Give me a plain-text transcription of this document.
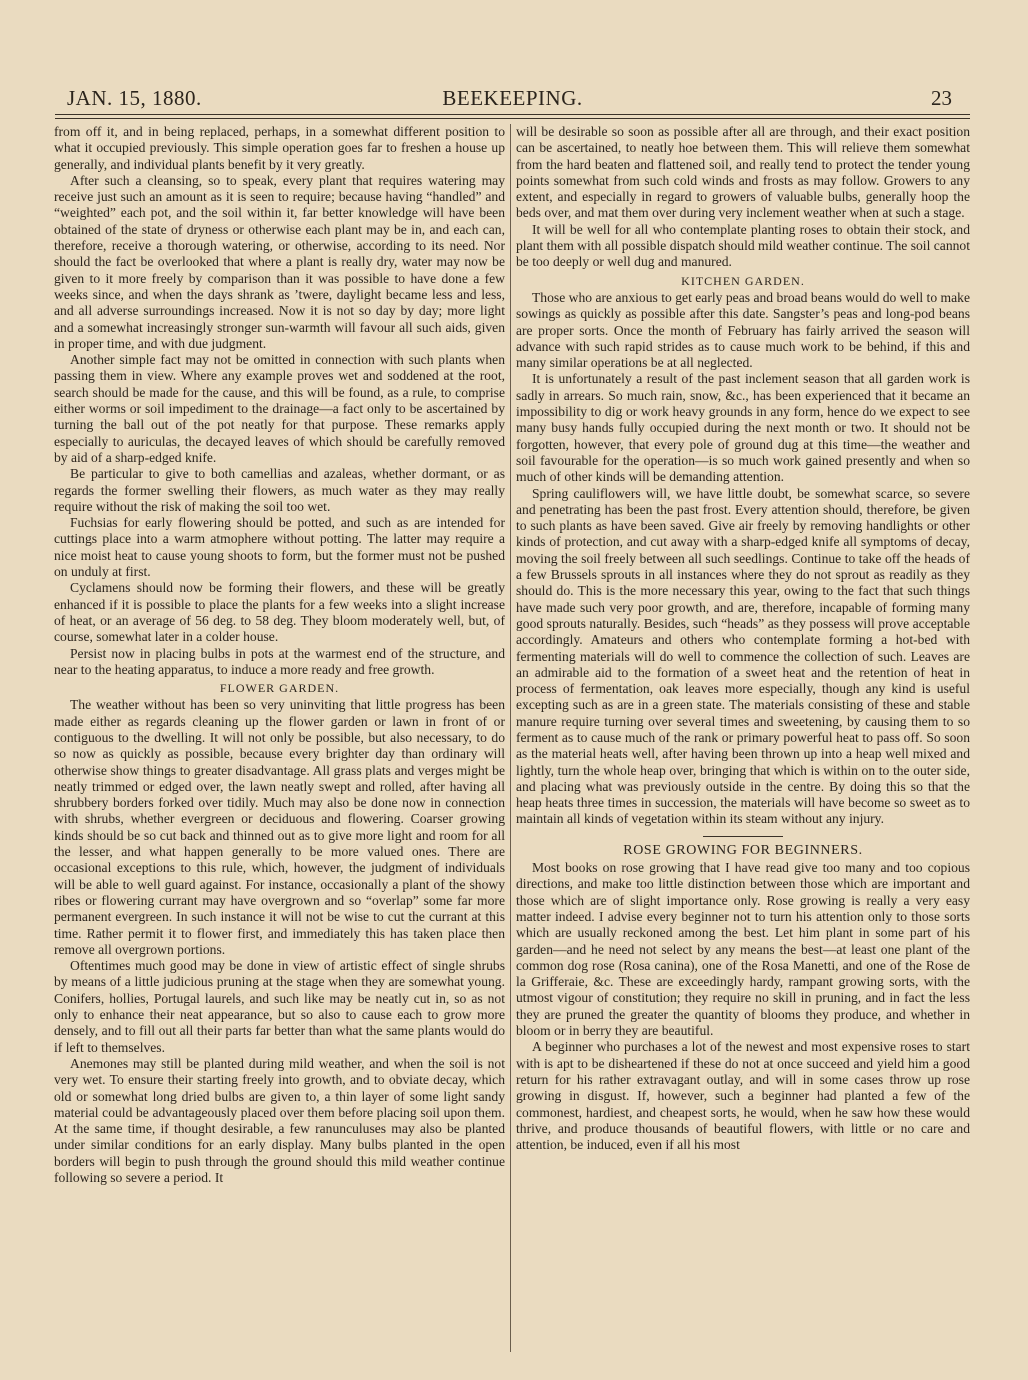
JAN. 15, 1880.	BEEKEEPING.	23

from off it, and in being replaced, perhaps, in a somewhat different position to what it occupied previously. This simple operation goes far to freshen a house up generally, and individual plants benefit by it very greatly.

After such a cleansing, so to speak, every plant that requires watering may receive just such an amount as it is seen to require; because having “handled” and “weighted” each pot, and the soil within it, far better knowledge will have been obtained of the state of dryness or otherwise each plant may be in, and each can, therefore, receive a thorough watering, or otherwise, according to its need. Nor should the fact be overlooked that where a plant is really dry, water may now be given to it more freely by comparison than it was possible to have done a few weeks since, and when the days shrank as ’twere, daylight became less and less, and all adverse surroundings increased. Now it is not so day by day; more light and a somewhat increasingly stronger sun-warmth will favour all such aids, given in proper time, and with due judgment.

Another simple fact may not be omitted in connection with such plants when passing them in view. Where any example proves wet and soddened at the root, search should be made for the cause, and this will be found, as a rule, to comprise either worms or soil impediment to the drainage—a fact only to be ascertained by turning the ball out of the pot neatly for that purpose. These remarks apply especially to auriculas, the decayed leaves of which should be carefully removed by aid of a sharp-edged knife.

Be particular to give to both camellias and azaleas, whether dormant, or as regards the former swelling their flowers, as much water as they may really require without the risk of making the soil too wet.

Fuchsias for early flowering should be potted, and such as are intended for cuttings place into a warm atmophere without potting. The latter may require a nice moist heat to cause young shoots to form, but the former must not be pushed on unduly at first.

Cyclamens should now be forming their flowers, and these will be greatly enhanced if it is possible to place the plants for a few weeks into a slight increase of heat, or an average of 56 deg. to 58 deg. They bloom moderately well, but, of course, somewhat later in a colder house.

Persist now in placing bulbs in pots at the warmest end of the structure, and near to the heating apparatus, to induce a more ready and free growth.

FLOWER GARDEN.

The weather without has been so very uninviting that little progress has been made either as regards cleaning up the flower garden or lawn in front of or contiguous to the dwelling. It will not only be possible, but also necessary, to do so now as quickly as possible, because every brighter day than ordinary will otherwise show things to greater disadvantage. All grass plats and verges might be neatly trimmed or edged over, the lawn neatly swept and rolled, after having all shrubbery borders forked over tidily. Much may also be done now in connection with shrubs, whether evergreen or deciduous and flowering. Coarser growing kinds should be so cut back and thinned out as to give more light and room for all the lesser, and what happen generally to be more valued ones. There are occasional exceptions to this rule, which, however, the judgment of individuals will be able to well guard against. For instance, occasionally a plant of the showy ribes or flowering currant may have overgrown and so “overlap” some far more permanent evergreen. In such instance it will not be wise to cut the currant at this time. Rather permit it to flower first, and immediately this has taken place then remove all overgrown portions.

Oftentimes much good may be done in view of artistic effect of single shrubs by means of a little judicious pruning at the stage when they are somewhat young. Conifers, hollies, Portugal laurels, and such like may be neatly cut in, so as not only to enhance their neat appearance, but so also to cause each to grow more densely, and to fill out all their parts far better than what the same plants would do if left to themselves.

Anemones may still be planted during mild weather, and when the soil is not very wet. To ensure their starting freely into growth, and to obviate decay, which old or somewhat long dried bulbs are given to, a thin layer of some light sandy material could be advantageously placed over them before placing soil upon them. At the same time, if thought desirable, a few ranunculuses may also be planted under similar conditions for an early display. Many bulbs planted in the open borders will begin to push through the ground should this mild weather continue following so severe a period. It

will be desirable so soon as possible after all are through, and their exact position can be ascertained, to neatly hoe between them. This will relieve them somewhat from the hard beaten and flattened soil, and really tend to protect the tender young points somewhat from such cold winds and frosts as may follow. Growers to any extent, and especially in regard to growers of valuable bulbs, generally hoop the beds over, and mat them over during very inclement weather when at such a stage.

It will be well for all who contemplate planting roses to obtain their stock, and plant them with all possible dispatch should mild weather continue. The soil cannot be too deeply or well dug and manured.

KITCHEN GARDEN.

Those who are anxious to get early peas and broad beans would do well to make sowings as quickly as possible after this date. Sangster’s peas and long-pod beans are proper sorts. Once the month of February has fairly arrived the season will advance with such rapid strides as to cause much work to be behind, if this and many similar operations be at all neglected.

It is unfortunately a result of the past inclement season that all garden work is sadly in arrears. So much rain, snow, &c., has been experienced that it became an impossibility to dig or work heavy grounds in any form, hence do we expect to see many busy hands fully occupied during the next month or two. It should not be forgotten, however, that every pole of ground dug at this time—the weather and soil favourable for the operation—is so much work gained presently and when so much of other kinds will be demanding attention.

Spring cauliflowers will, we have little doubt, be somewhat scarce, so severe and penetrating has been the past frost. Every attention should, therefore, be given to such plants as have been saved. Give air freely by removing handlights or other kinds of protection, and cut away with a sharp-edged knife all symptoms of decay, moving the soil freely between all such seedlings. Continue to take off the heads of a few Brussels sprouts in all instances where they do not sprout as readily as they should do. This is the more necessary this year, owing to the fact that such things have made such very poor growth, and are, therefore, incapable of forming many good sprouts naturally. Besides, such “heads” as they possess will prove acceptable accordingly. Amateurs and others who contemplate forming a hot-bed with fermenting materials will do well to commence the collection of such. Leaves are an admirable aid to the formation of a sweet heat and the retention of heat in process of fermentation, oak leaves more especially, though any kind is useful excepting such as are in a green state. The materials consisting of these and stable manure require turning over several times and sweetening, by causing them to so ferment as to cause much of the rank or primary powerful heat to pass off. So soon as the material heats well, after having been thrown up into a heap well mixed and lightly, turn the whole heap over, bringing that which is within on to the outer side, and placing what was previously outside in the centre. By doing this so that the heap heats three times in succession, the materials will have become so sweet as to maintain all kinds of vegetation within its steam without any injury.

ROSE GROWING FOR BEGINNERS.

Most books on rose growing that I have read give too many and too copious directions, and make too little distinction between those which are important and those which are of slight importance only. Rose growing is really a very easy matter indeed. I advise every beginner not to turn his attention only to those sorts which are usually reckoned among the best. Let him plant in some part of his garden—and he need not select by any means the best—at least one plant of the common dog rose (Rosa canina), one of the Rosa Manetti, and one of the Rose de la Grifferaie, &c. These are exceedingly hardy, rampant growing sorts, with the utmost vigour of constitution; they require no skill in pruning, and in fact the less they are pruned the greater the quantity of blooms they produce, and whether in bloom or in berry they are beautiful.

A beginner who purchases a lot of the newest and most expensive roses to start with is apt to be disheartened if these do not at once succeed and yield him a good return for his rather extravagant outlay, and will in some cases throw up rose growing in disgust. If, however, such a beginner had planted a few of the commonest, hardiest, and cheapest sorts, he would, when he saw how these would thrive, and produce thousands of beautiful flowers, with little or no care and attention, be induced, even if all his most
